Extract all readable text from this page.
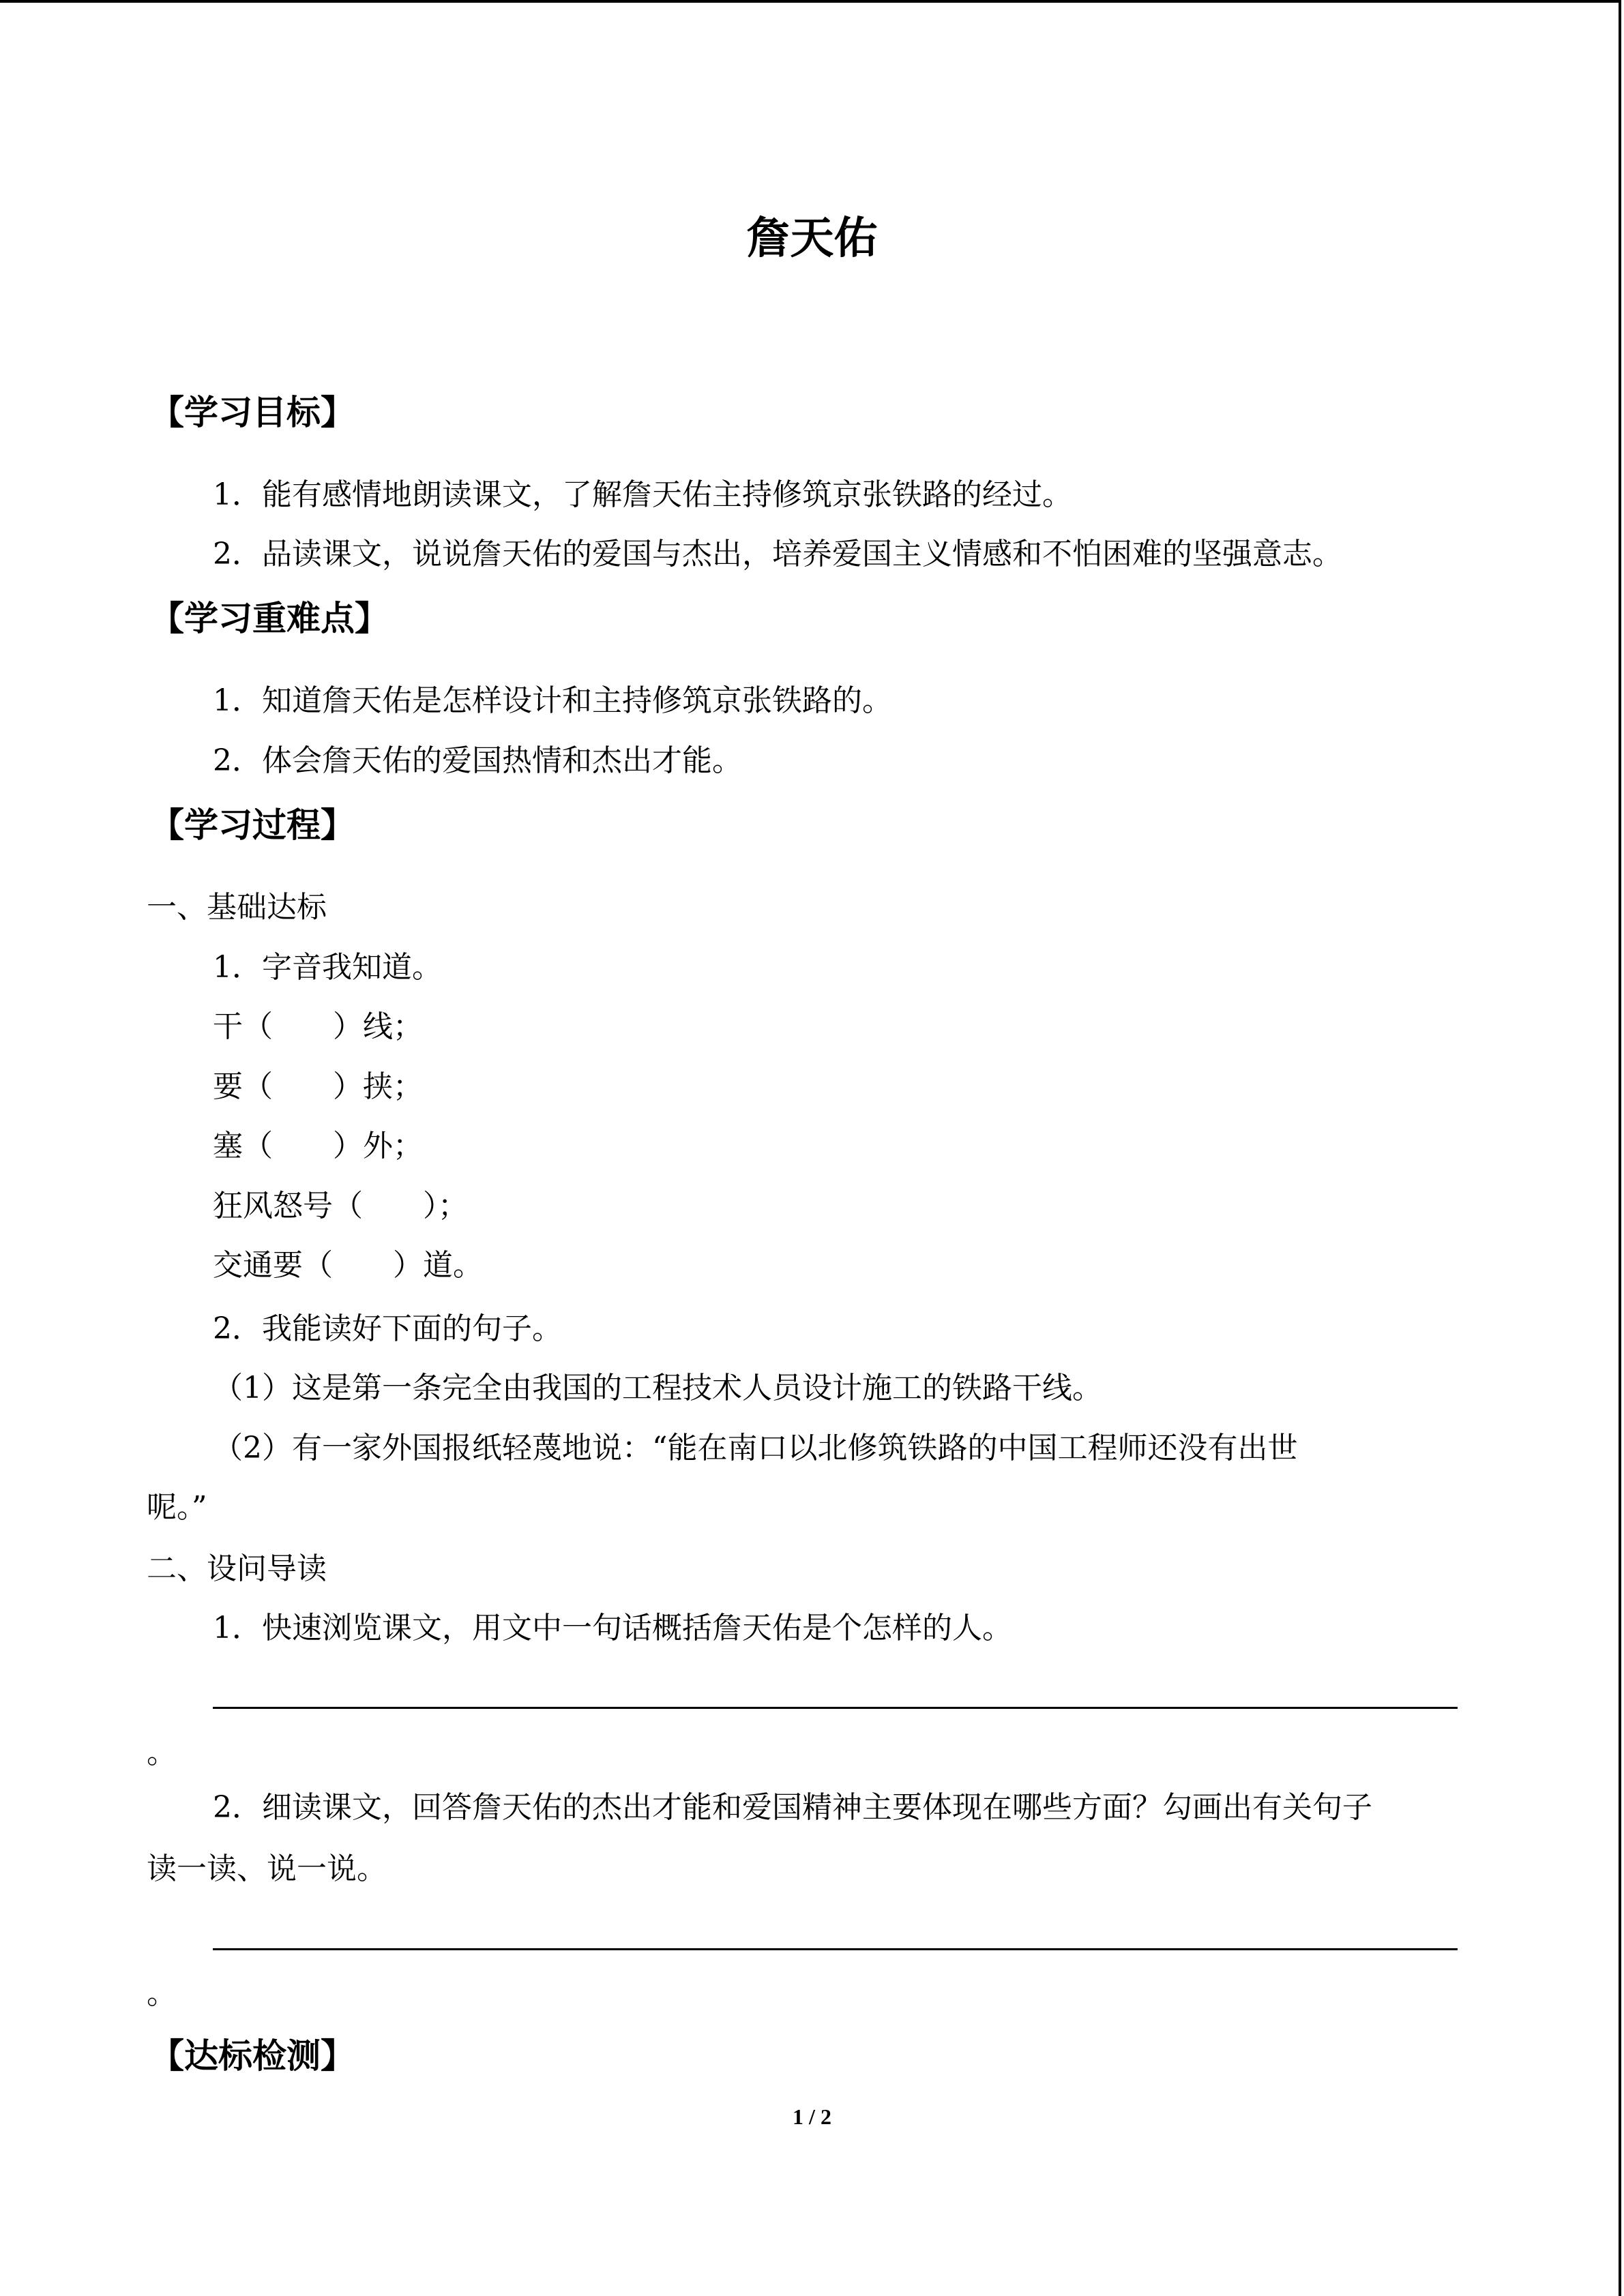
詹天佑
【学习目标】
1．能有感情地朗读课文，了解詹天佑主持修筑京张铁路的经过。
2．品读课文，说说詹天佑的爱国与杰出，培养爱国主义情感和不怕困难的坚强意志。
【学习重难点】
1．知道詹天佑是怎样设计和主持修筑京张铁路的。
2．体会詹天佑的爱国热情和杰出才能。
【学习过程】
一、基础达标
1．字音我知道。
干（　　）线；
要（　　）挟；
塞（　　）外；
狂风怒号（　　）；
交通要（　　）道。
2．我能读好下面的句子。
（1）这是第一条完全由我国的工程技术人员设计施工的铁路干线。
（2）有一家外国报纸轻蔑地说：“能在南口以北修筑铁路的中国工程师还没有出世
呢。”
二、设问导读
1．快速浏览课文，用文中一句话概括詹天佑是个怎样的人。
。
2．细读课文，回答詹天佑的杰出才能和爱国精神主要体现在哪些方面？勾画出有关句子
读一读、说一说。
。
【达标检测】
1 / 2
